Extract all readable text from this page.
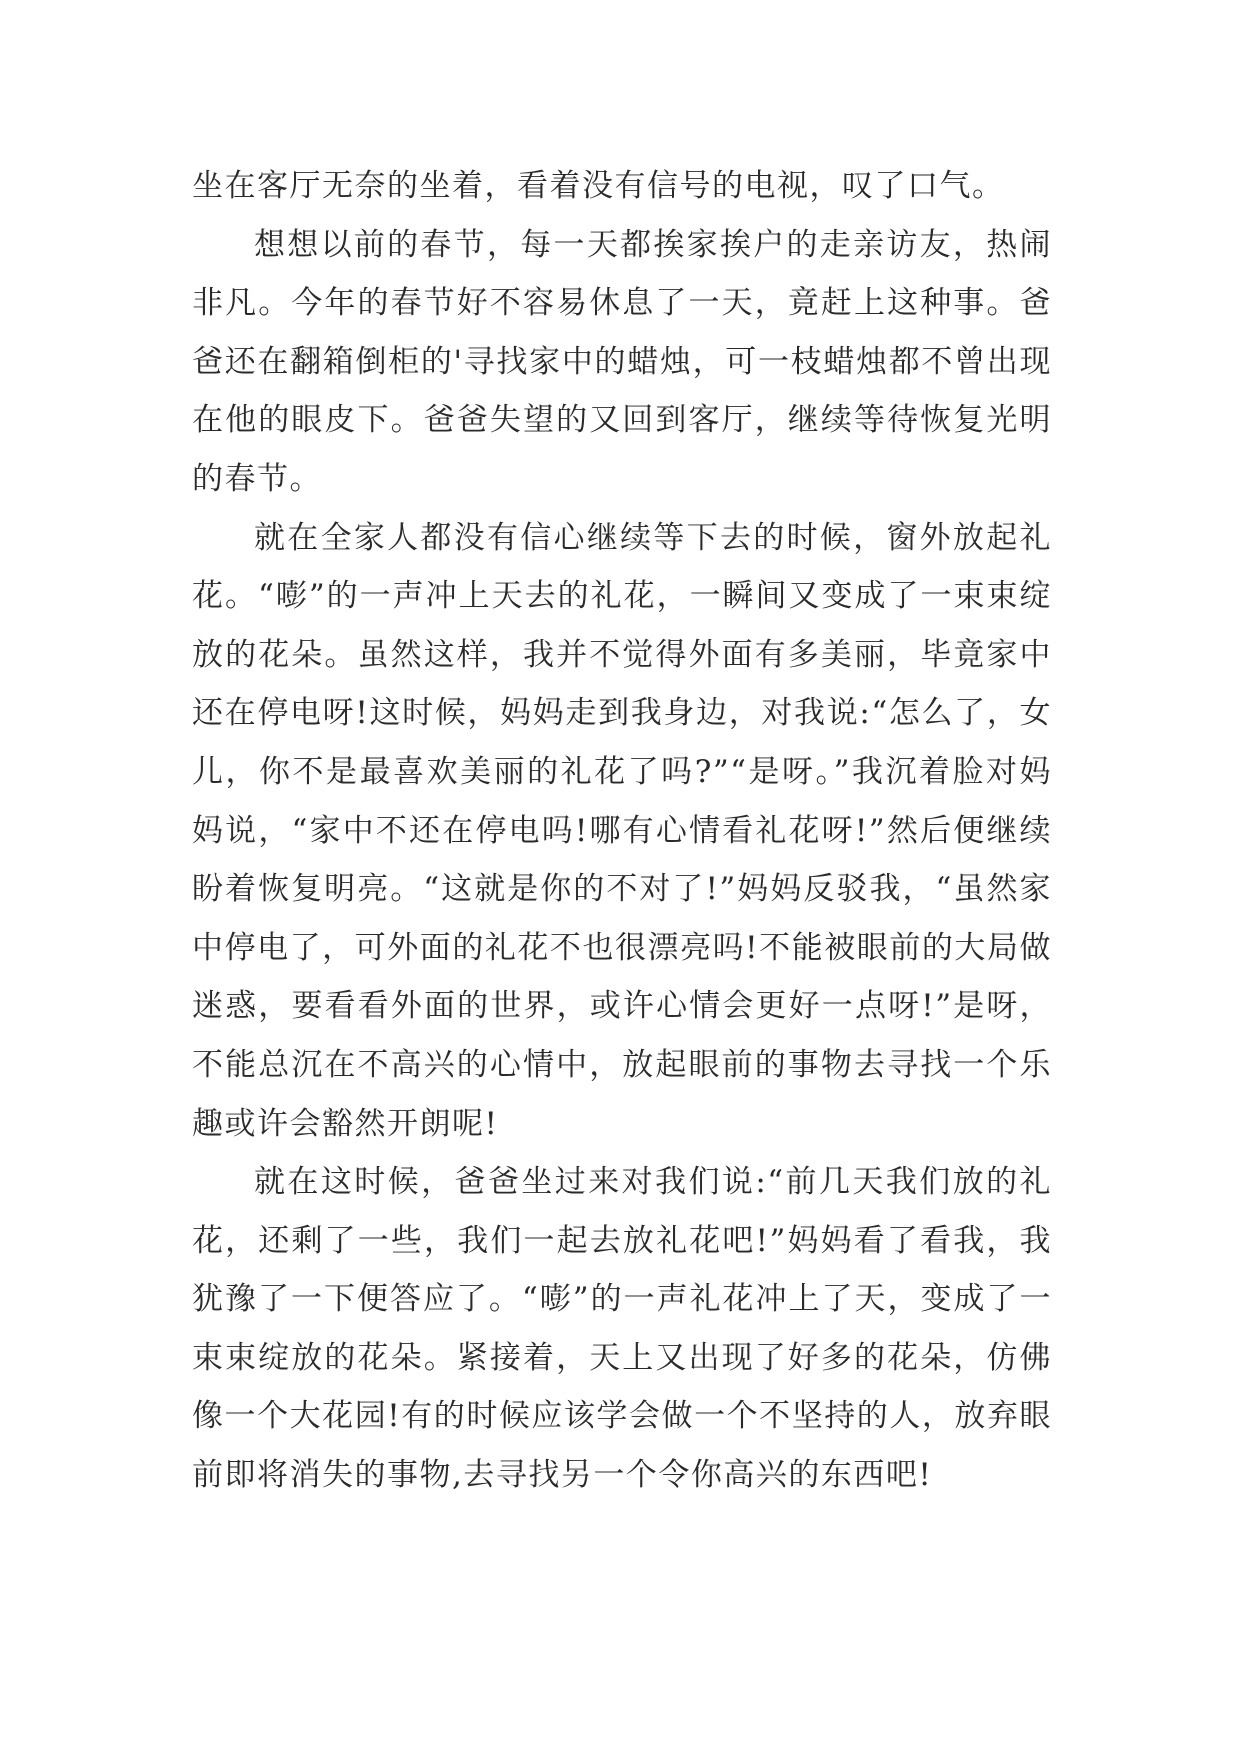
坐在客厅无奈的坐着，看着没有信号的电视，叹了口气。

想想以前的春节，每一天都挨家挨户的走亲访友，热闹非凡。今年的春节好不容易休息了一天，竟赶上这种事。爸爸还在翻箱倒柜的'寻找家中的蜡烛，可一枝蜡烛都不曾出现在他的眼皮下。爸爸失望的又回到客厅，继续等待恢复光明的春节。

就在全家人都没有信心继续等下去的时候，窗外放起礼花。“嘭”的一声冲上天去的礼花，一瞬间又变成了一束束绽放的花朵。虽然这样，我并不觉得外面有多美丽，毕竟家中还在停电呀!这时候，妈妈走到我身边，对我说:“怎么了，女儿，你不是最喜欢美丽的礼花了吗?”“是呀。”我沉着脸对妈妈说，“家中不还在停电吗!哪有心情看礼花呀!”然后便继续盼着恢复明亮。“这就是你的不对了!”妈妈反驳我，“虽然家中停电了，可外面的礼花不也很漂亮吗!不能被眼前的大局做迷惑，要看看外面的世界，或许心情会更好一点呀!”是呀，不能总沉在不高兴的心情中，放起眼前的事物去寻找一个乐趣或许会豁然开朗呢!

就在这时候，爸爸坐过来对我们说:“前几天我们放的礼花，还剩了一些，我们一起去放礼花吧!”妈妈看了看我，我犹豫了一下便答应了。“嘭”的一声礼花冲上了天，变成了一束束绽放的花朵。紧接着，天上又出现了好多的花朵，仿佛像一个大花园!有的时候应该学会做一个不坚持的人，放弃眼前即将消失的事物,去寻找另一个令你高兴的东西吧!
